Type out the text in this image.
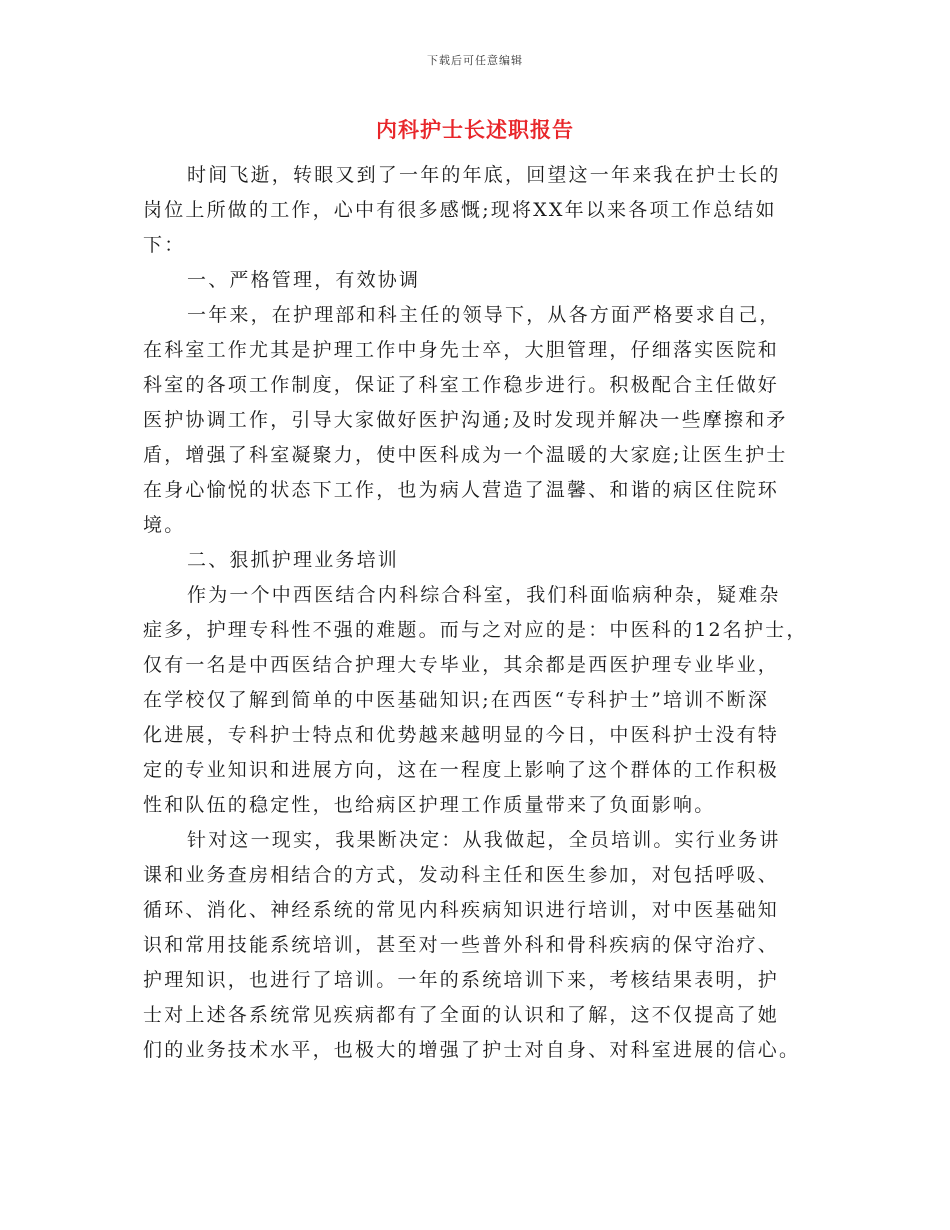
下载后可任意编辑
内科护士长述职报告
时间飞逝，转眼又到了一年的年底，回望这一年来我在护士长的
岗位上所做的工作，心中有很多感慨;现将XX年以来各项工作总结如
下：
一、严格管理，有效协调
一年来，在护理部和科主任的领导下，从各方面严格要求自己，
在科室工作尤其是护理工作中身先士卒，大胆管理，仔细落实医院和
科室的各项工作制度，保证了科室工作稳步进行。积极配合主任做好
医护协调工作，引导大家做好医护沟通;及时发现并解决一些摩擦和矛
盾，增强了科室凝聚力，使中医科成为一个温暖的大家庭;让医生护士
在身心愉悦的状态下工作，也为病人营造了温馨、和谐的病区住院环
境。
二、狠抓护理业务培训
作为一个中西医结合内科综合科室，我们科面临病种杂，疑难杂
症多，护理专科性不强的难题。而与之对应的是：中医科的12名护士，
仅有一名是中西医结合护理大专毕业，其余都是西医护理专业毕业，
在学校仅了解到简单的中医基础知识;在西医“专科护士”培训不断深
化进展，专科护士特点和优势越来越明显的今日，中医科护士没有特
定的专业知识和进展方向，这在一程度上影响了这个群体的工作积极
性和队伍的稳定性，也给病区护理工作质量带来了负面影响。
针对这一现实，我果断决定：从我做起，全员培训。实行业务讲
课和业务查房相结合的方式，发动科主任和医生参加，对包括呼吸、
循环、消化、神经系统的常见内科疾病知识进行培训，对中医基础知
识和常用技能系统培训，甚至对一些普外科和骨科疾病的保守治疗、
护理知识，也进行了培训。一年的系统培训下来，考核结果表明，护
士对上述各系统常见疾病都有了全面的认识和了解，这不仅提高了她
们的业务技术水平，也极大的增强了护士对自身、对科室进展的信心。
